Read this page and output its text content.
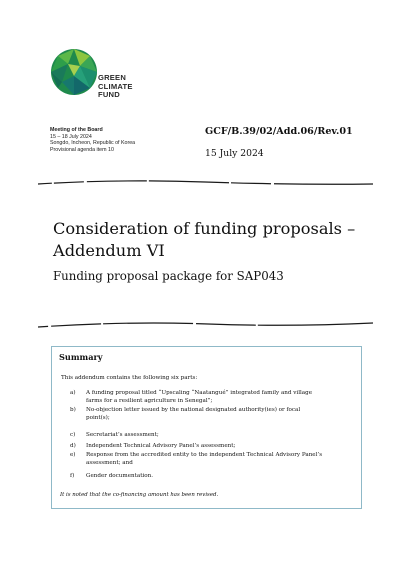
GREEN
CLIMATE
FUND
Meeting of the Board
15 – 18 July 2024
Songdo, Incheon, Republic of Korea
Provisional agenda item 10
GCF/B.39/02/Add.06/Rev.01
15 July 2024
Consideration of funding proposals –
Addendum VI
Funding proposal package for SAP043
Summary
This addendum contains the following six parts:
a)	A funding proposal titled “Upscaling “Naatangué” integrated family and village
farms for a resilient agriculture in Senegal”;
b)	No-objection letter issued by the national designated authority(ies) or focal
point(s);
c)	Secretariat’s assessment;
d)	Independent Technical Advisory Panel’s assessment;
e)	Response from the accredited entity to the independent Technical Advisory Panel’s
assessment; and
f)	Gender documentation.
It is noted that the co-financing amount has been revised.
